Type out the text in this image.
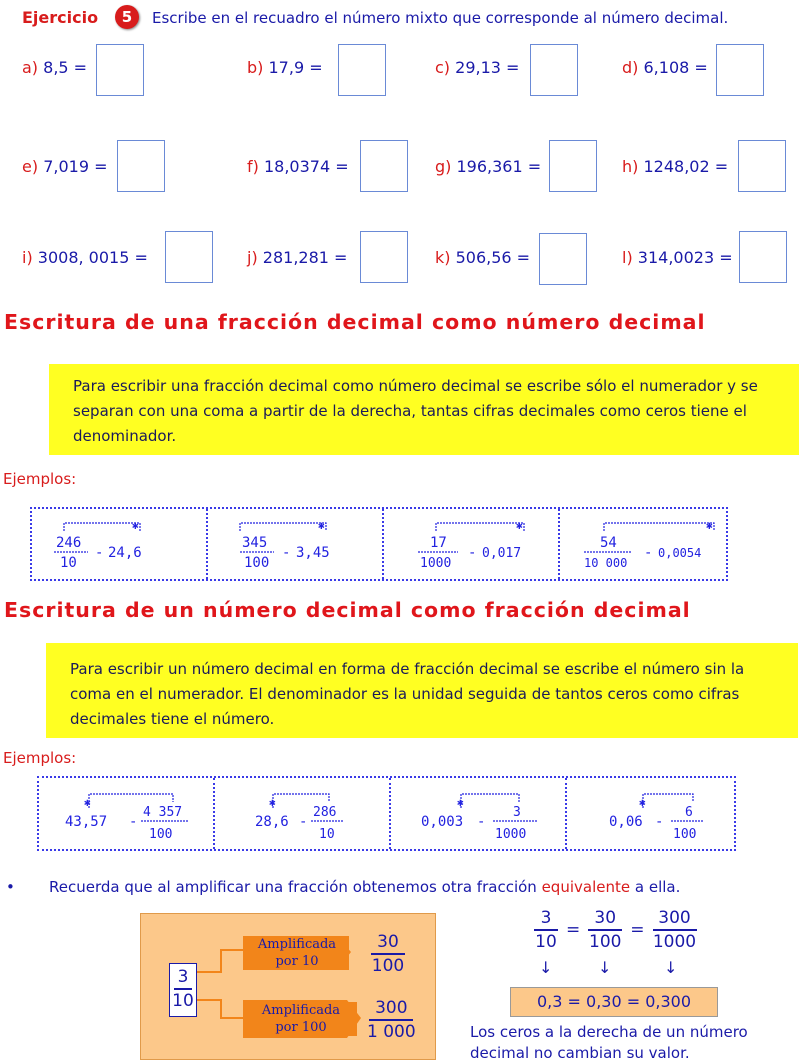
Ejercicio	5	Escribe en el recuadro el número mixto que corresponde al número decimal.
a) 8,5 =	b) 17,9 =	c) 29,13 =	d) 6,108 =
e) 7,019 =	f) 18,0374 =	g) 196,361 =	h) 1248,02 =
i) 3008, 0015 =	j) 281,281 =	k) 506,56 =	l) 314,0023 =
Escritura de una fracción decimal como número decimal
Para escribir una fracción decimal como número decimal se escribe sólo el numerador y se separan con una coma a partir de la derecha, tantas cifras decimales como ceros tiene el denominador.
Ejemplos:
✱
246
10
- 24,6
✱
345
100
- 3,45
✱
17
1000
- 0,017
✱
54
10 000
- 0,0054
Escritura de un número decimal como fracción decimal
Para escribir un número decimal en forma de fracción decimal se escribe el número sin la coma en el numerador. El denominador es la unidad seguida de tantos ceros como cifras decimales tiene el número.
Ejemplos:
✱
43,57 -
4 357
100
✱
28,6 -
286
10
✱
0,003 -
3
1000
✱
0,06 -
6
100
• Recuerda que al amplificar una fracción obtenemos otra fracción equivalente a ella.
$\frac{3}{10}$
Amplificada
por 10
Amplificada
por 100
30
100
300
1 000
$\frac{3}{10} = \frac{30}{100} = \frac{300}{1000}$
↓	↓	↓
0,3 = 0,30 = 0,300
Los ceros a la derecha de un número
decimal no cambian su valor.
